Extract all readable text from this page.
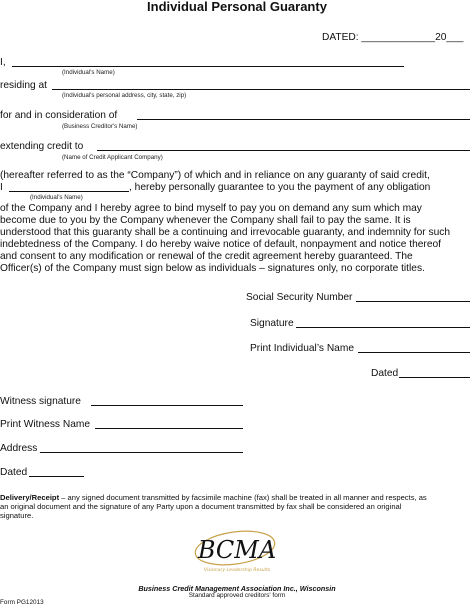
Individual Personal Guaranty
DATED: _____________20___
I,
(Individual's Name)
residing at
(Individual's personal address, city, state, zip)
for and in consideration of
(Business Creditor's Name)
extending credit to
(Name of Credit Applicant Company)
(hereafter referred to as the “Company”) of which and in reliance on any guaranty of said credit,
I	, hereby personally guarantee to you the payment of any obligation
(Individual's Name)
of the Company and I hereby agree to bind myself to pay you on demand any sum which may
become due to you by the Company whenever the Company shall fail to pay the same. It is
understood that this guaranty shall be a continuing and irrevocable guaranty, and indemnity for such
indebtedness of the Company. I do hereby waive notice of default, nonpayment and notice thereof
and consent to any modification or renewal of the credit agreement hereby guaranteed. The
Officer(s) of the Company must sign below as individuals – signatures only, no corporate titles.
Social Security Number
Signature
Print Individual’s Name
Dated
Witness signature
Print Witness Name
Address
Dated
Delivery/Receipt – any signed document transmitted by facsimile machine (fax) shall be treated in all manner and respects, as
an original document and the signature of any Party upon a document transmitted by fax shall be considered an original
signature.
BCMA
Visionary Leadership Results
Business Credit Management Association Inc., Wisconsin
Standard approved creditors' form
Form PG12013
